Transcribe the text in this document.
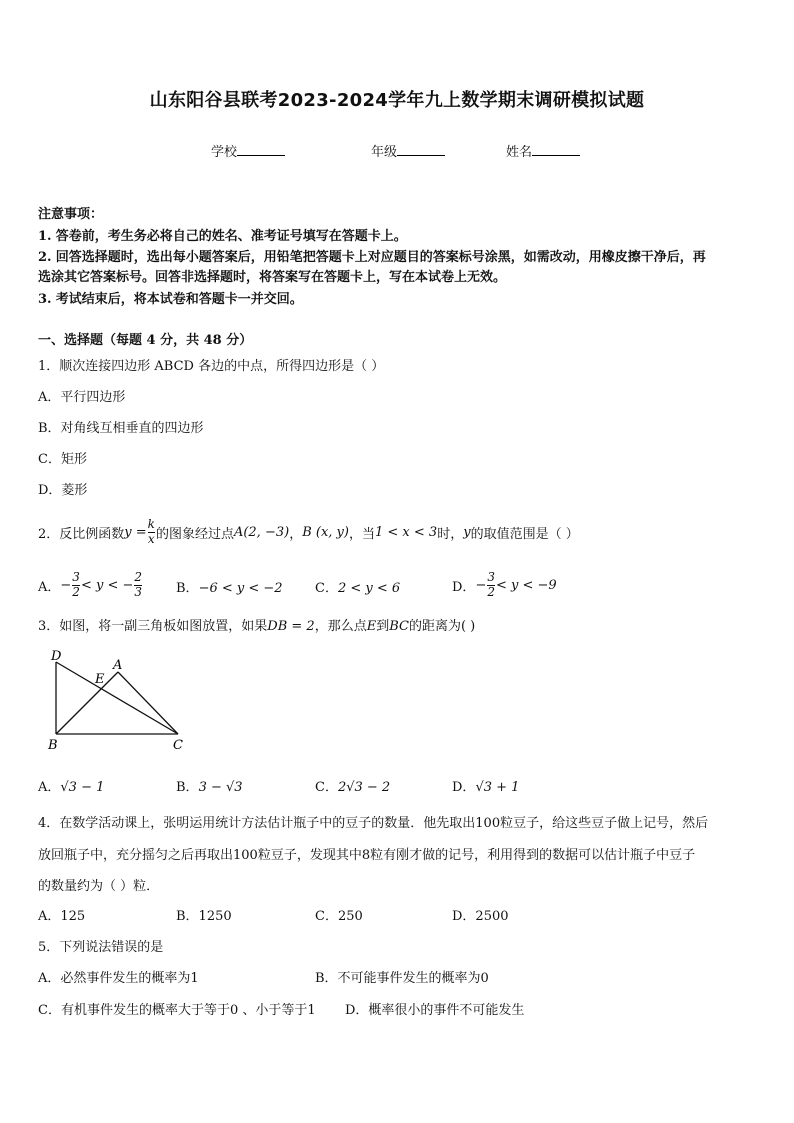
山东阳谷县联考2023-2024学年九上数学期末调研模拟试题
学校	年级	姓名
注意事项：
1. 答卷前，考生务必将自己的姓名、准考证号填写在答题卡上。
2. 回答选择题时，选出每小题答案后，用铅笔把答题卡上对应题目的答案标号涂黑，如需改动，用橡皮擦干净后，再
选涂其它答案标号。回答非选择题时，将答案写在答题卡上，写在本试卷上无效。
3. 考试结束后，将本试卷和答题卡一并交回。
一、选择题（每题 4 分，共 48 分）
1．顺次连接四边形 ABCD 各边的中点，所得四边形是（ ）
A．平行四边形
B．对角线互相垂直的四边形
C．矩形
D．菱形
2．反比例函数 $y = \frac{k}{x}$ 的图象经过点 A(2, −3) ， B (x, y) ，当 1 < x < 3 时， y 的取值范围是（ ）
A． − $\frac{3}{2} < y$ < − $\frac{2}{3}$	B．−6 < y < −2 C．2 < y < 6	D． − $\frac{3}{2} < y < -9$
3．如图，将一副三角板如图放置，如果DB = 2，那么点E到BC的距离为( )
D
A
E
B	C
A．√3 − 1	B．3 − √3	C．2√3 − 2	D．√3 + 1
4．在数学活动课上，张明运用统计方法估计瓶子中的豆子的数量．他先取出100粒豆子，给这些豆子做上记号，然后
放回瓶子中，充分摇匀之后再取出100粒豆子，发现其中8粒有刚才做的记号，利用得到的数据可以估计瓶子中豆子
的数量约为（ ）粒．
A．125	B．1250	C．250	D．2500
5．下列说法错误的是
A．必然事件发生的概率为1	B．不可能事件发生的概率为0
C．有机事件发生的概率大于等于0 、小于等于1 D．概率很小的事件不可能发生
